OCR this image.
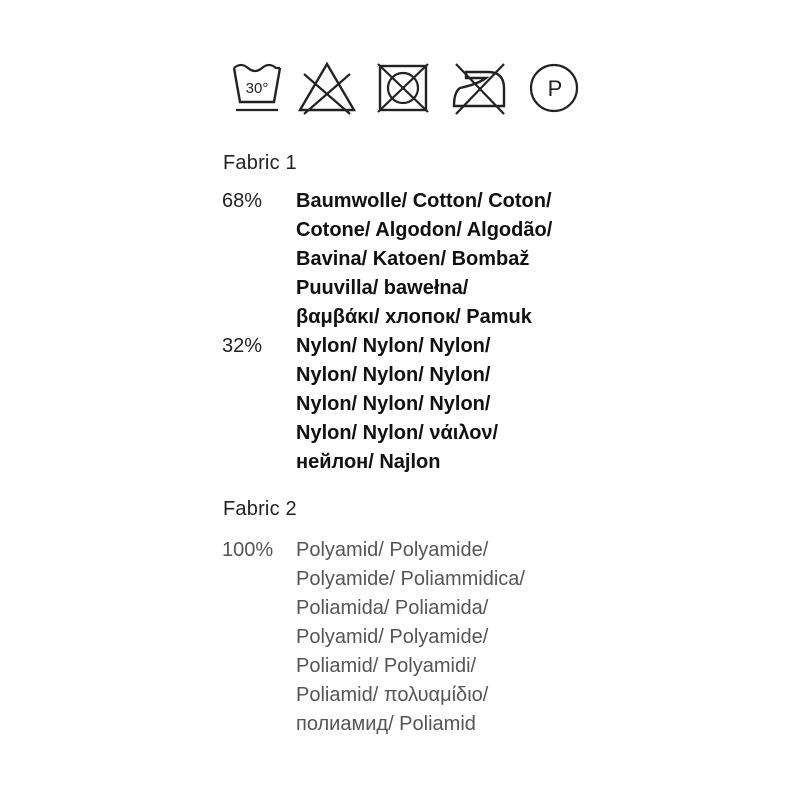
30°	P
Fabric 1
68%	Baumwolle/ Cotton/ Coton/
Cotone/ Algodon/ Algodão/
Bavina/ Katoen/ Bombaž
Puuvilla/ bawełna/
βαμβάκι/ хлопок/ Pamuk
32%	Nylon/ Nylon/ Nylon/
Nylon/ Nylon/ Nylon/
Nylon/ Nylon/ Nylon/
Nylon/ Nylon/ νάιλον/
нейлон/ Najlon
Fabric 2
100%	Polyamid/ Polyamide/
Polyamide/ Poliammidica/
Poliamida/ Poliamida/
Polyamid/ Polyamide/
Poliamid/ Polyamidi/
Poliamid/ πολυαμίδιο/
полиамид/ Poliamid
